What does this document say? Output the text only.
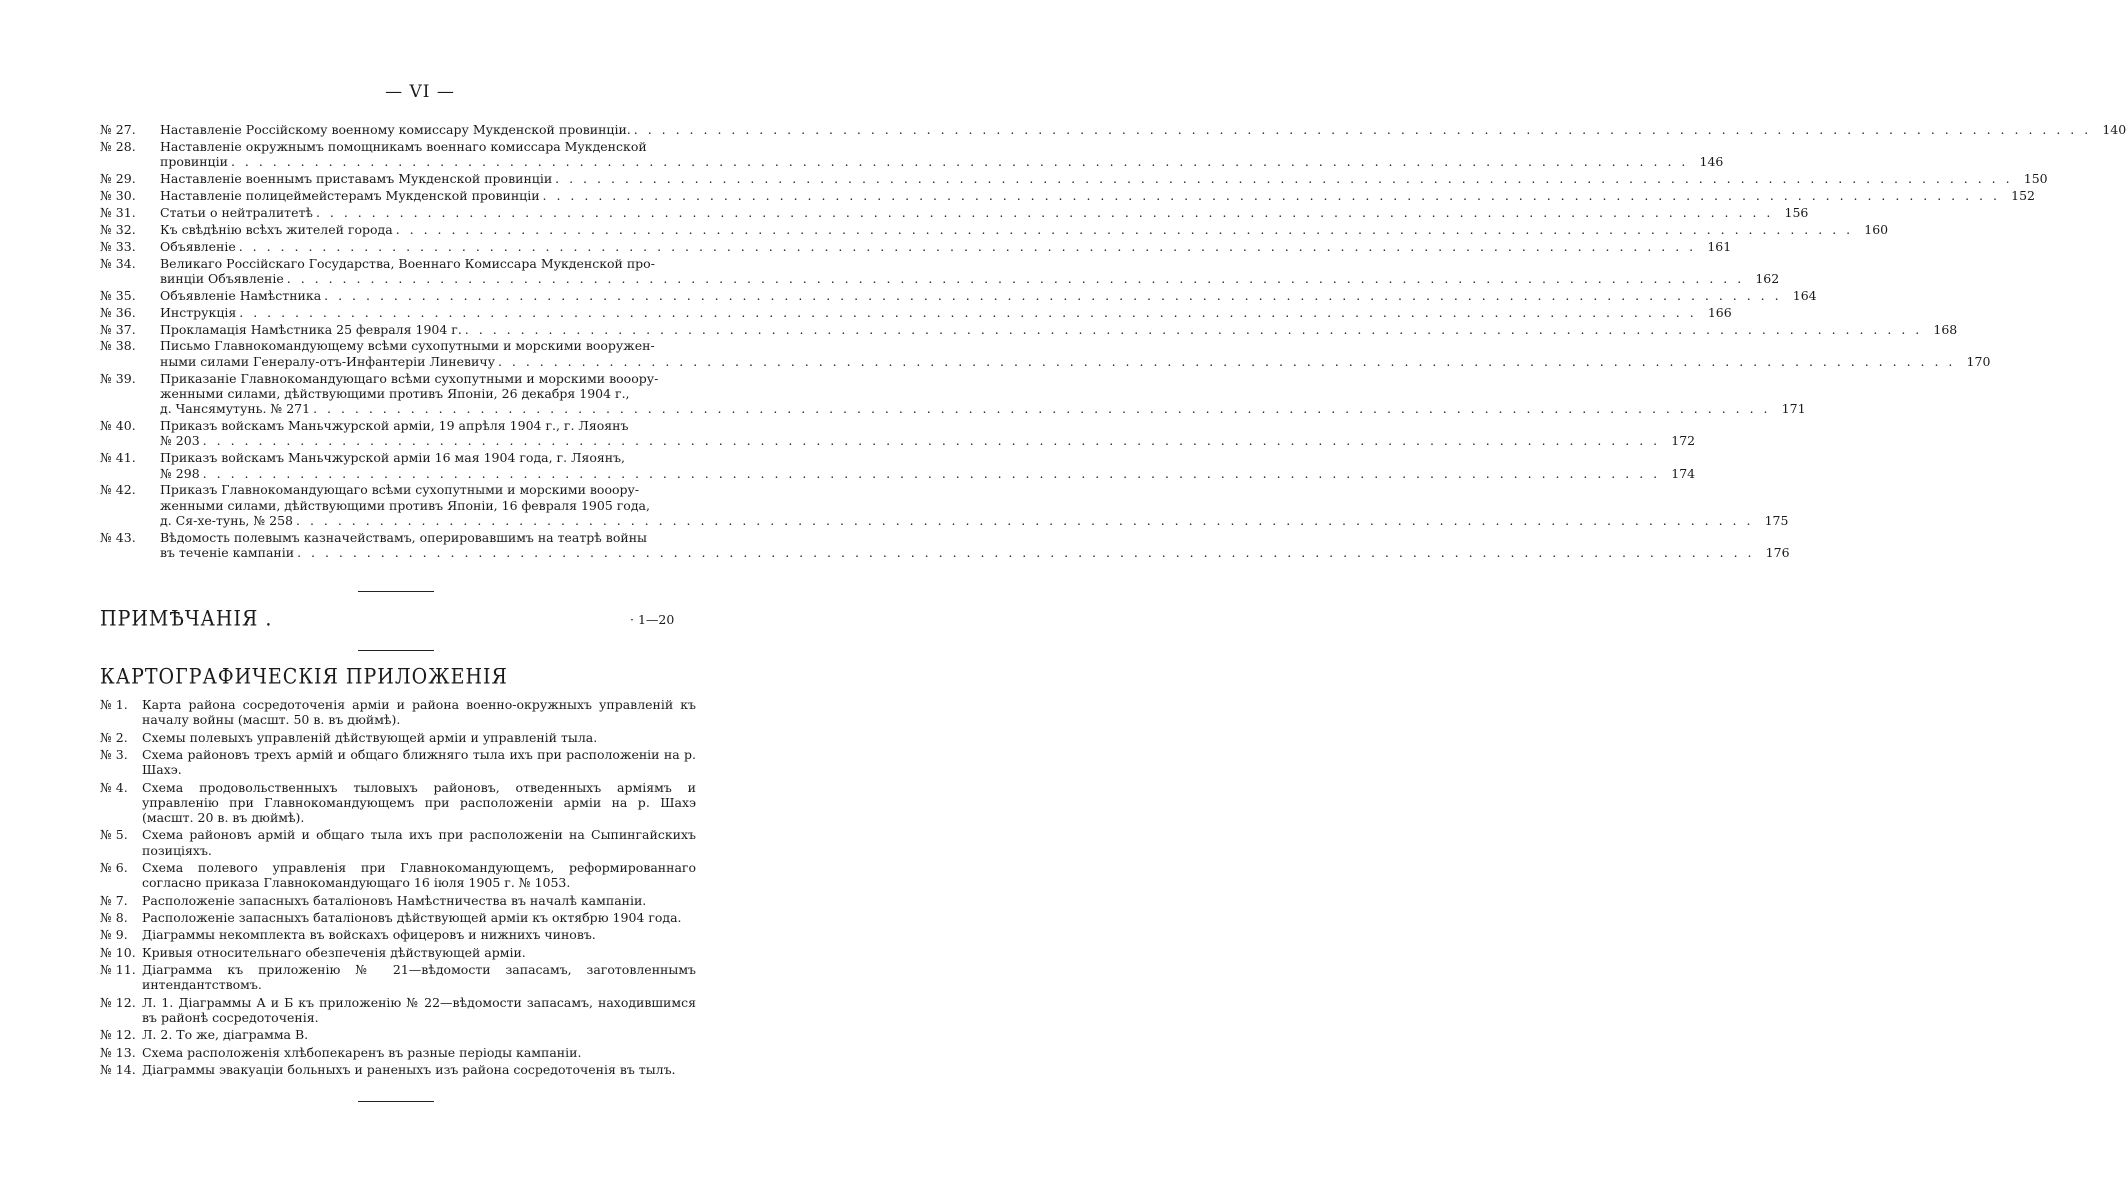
— VI —
№ 27.	Наставленіе Россійскому военному комиссару Мукденской провинціи. . . .	140
№ 28.	Наставленіе окружнымъ помощникамъ военнаго комиссара Мукденской
провинціи . . .	146
№ 29.	Наставленіе военнымъ приставамъ Мукденской провинціи . . .	150
№ 30.	Наставленіе полицеймейстерамъ Мукденской провинціи . . .	152
№ 31.	Статьи о нейтралитетѣ . . .	156
№ 32.	Къ свѣдѣнію всѣхъ жителей города . . .	160
№ 33.	Объявленіе . . .	161
№ 34.	Великаго Россійскаго Государства, Военнаго Комиссара Мукденской про-
винціи Объявленіе . . .	162
№ 35.	Объявленіе Намѣстника . . .	164
№ 36.	Инструкція . . .	166
№ 37.	Прокламація Намѣстника 25 февраля 1904 г. . . .	168
№ 38.	Письмо Главнокомандующему всѣми сухопутными и морскими вооружен-
ными силами Генералу-отъ-Инфантеріи Линевичу . . .	170
№ 39.	Приказаніе Главнокомандующаго всѣми сухопутными и морскими вооору-
женными силами, дѣйствующими противъ Японіи, 26 декабря 1904 г.,
д. Чансямутунь. № 271 . . .	171
№ 40.	Приказъ войскамъ Маньчжурской арміи, 19 апрѣля 1904 г., г. Ляоянъ
№ 203 . . .	172
№ 41.	Приказъ войскамъ Маньчжурской арміи 16 мая 1904 года, г. Ляоянъ,
№ 298 . . .	174
№ 42.	Приказъ Главнокомандующаго всѣми сухопутными и морскими вооору-
женными силами, дѣйствующими противъ Японіи, 16 февраля 1905 года,
д. Ся-хе-тунь, № 258 . . .	175
№ 43.	Вѣдомость полевымъ казначействамъ, оперировавшимъ на театрѣ войны
въ теченіе кампаніи . . .	176
ПРИМѢЧАНІЯ .	· 1—20
КАРТОГРАФИЧЕСКІЯ ПРИЛОЖЕНІЯ
№ 1.	Карта района сосредоточенія арміи и района военно-окружныхъ управленій къ началу войны (масшт. 50 в. въ дюймѣ).
№ 2.	Схемы полевыхъ управленій дѣйствующей арміи и управленій тыла.
№ 3.	Схема районовъ трехъ армій и общаго ближняго тыла ихъ при расположеніи на р. Шахэ.
№ 4.	Схема продовольственныхъ тыловыхъ районовъ, отведенныхъ арміямъ и управленію при Главнокомандующемъ при расположеніи арміи на р. Шахэ (масшт. 20 в. въ дюймѣ).
№ 5.	Схема районовъ армій и общаго тыла ихъ при расположеніи на Сыпингайскихъ позиціяхъ.
№ 6.	Схема полевого управленія при Главнокомандующемъ, реформированнаго согласно приказа Главнокомандующаго 16 іюля 1905 г. № 1053.
№ 7.	Расположеніе запасныхъ баталіоновъ Намѣстничества въ началѣ кампаніи.
№ 8.	Расположеніе запасныхъ баталіоновъ дѣйствующей арміи къ октябрю 1904 года.
№ 9.	Діаграммы некомплекта въ войскахъ офицеровъ и нижнихъ чиновъ.
№ 10. Кривыя относительнаго обезпеченія дѣйствующей арміи.
№ 11. Діаграмма къ приложенію № 21—вѣдомости запасамъ, заготовленнымъ интендантствомъ.
№ 12. Л. 1. Діаграммы А и Б къ приложенію № 22—вѣдомости запасамъ, находившимся въ районѣ сосредоточенія.
№ 12. Л. 2. То же, діаграмма В.
№ 13. Схема расположенія хлѣбопекаренъ въ разные періоды кампаніи.
№ 14. Діаграммы эвакуаціи больныхъ и раненыхъ изъ района сосредоточенія въ тылъ.
